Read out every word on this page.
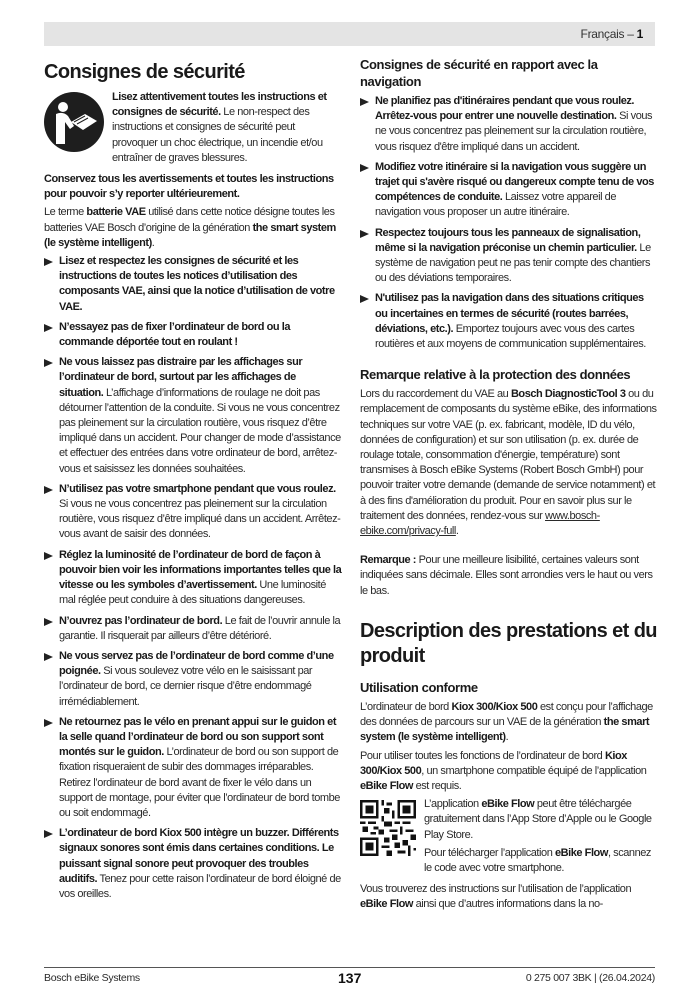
Français – 1
Consignes de sécurité

Lisez attentivement toutes les instructions et consignes de sécurité. Le non-respect des instructions et consignes de sécurité peut provoquer un choc électrique, un incendie et/ou entraîner de graves blessures.

Conservez tous les avertissements et toutes les instructions pour pouvoir s’y reporter ultérieurement.

Le terme batterie VAE utilisé dans cette notice désigne toutes les batteries VAE Bosch d’origine de la génération the smart system (le système intelligent).

Lisez et respectez les consignes de sécurité et les instructions de toutes les notices d’utilisation des composants VAE, ainsi que la notice d’utilisation de votre VAE.

N’essayez pas de fixer l’ordinateur de bord ou la commande déportée tout en roulant !

Ne vous laissez pas distraire par les affichages sur l’ordinateur de bord, surtout par les affichages de situation. L’affichage d’informations de roulage ne doit pas détourner l’attention de la conduite. Si vous ne vous concentrez pas pleinement sur la circulation routière, vous risquez d’être impliqué dans un accident. Pour changer de mode d’assistance et effectuer des entrées dans votre ordinateur de bord, arrêtez-vous et saisissez les données souhaitées.

N’utilisez pas votre smartphone pendant que vous roulez. Si vous ne vous concentrez pas pleinement sur la circulation routière, vous risquez d’être impliqué dans un accident. Arrêtez-vous avant de saisir des données.

Réglez la luminosité de l’ordinateur de bord de façon à pouvoir bien voir les informations importantes telles que la vitesse ou les symboles d’avertissement. Une luminosité mal réglée peut conduire à des situations dangereuses.

N’ouvrez pas l’ordinateur de bord. Le fait de l’ouvrir annule la garantie. Il risquerait par ailleurs d’être détérioré.

Ne vous servez pas de l’ordinateur de bord comme d’une poignée. Si vous soulevez votre vélo en le saisissant par l’ordinateur de bord, ce dernier risque d’être endommagé irrémédiablement.

Ne retournez pas le vélo en prenant appui sur le guidon et la selle quand l’ordinateur de bord ou son support sont montés sur le guidon. L’ordinateur de bord ou son support de fixation risqueraient de subir des dommages irréparables. Retirez l’ordinateur de bord avant de fixer le vélo dans un support de montage, pour éviter que l’ordinateur de bord tombe ou soit endommagé.

L’ordinateur de bord Kiox 500 intègre un buzzer. Différents signaux sonores sont émis dans certaines conditions. Le puissant signal sonore peut provoquer des troubles auditifs. Tenez pour cette raison l’ordinateur de bord éloigné de vos oreilles.

Consignes de sécurité en rapport avec la navigation

Ne planifiez pas d'itinéraires pendant que vous roulez. Arrêtez-vous pour entrer une nouvelle destination. Si vous ne vous concentrez pas pleinement sur la circulation routière, vous risquez d'être impliqué dans un accident.

Modifiez votre itinéraire si la navigation vous suggère un trajet qui s'avère risqué ou dangereux compte tenu de vos compétences de conduite. Laissez votre appareil de navigation vous proposer un autre itinéraire.

Respectez toujours tous les panneaux de signalisation, même si la navigation préconise un chemin particulier. Le système de navigation peut ne pas tenir compte des chantiers ou des déviations temporaires.

N'utilisez pas la navigation dans des situations critiques ou incertaines en termes de sécurité (routes barrées, déviations, etc.). Emportez toujours avec vous des cartes routières et aux moyens de communication supplémentaires.

Remarque relative à la protection des données

Lors du raccordement du VAE au Bosch DiagnosticTool 3 ou du remplacement de composants du système eBike, des informations techniques sur votre VAE (p. ex. fabricant, modèle, ID du vélo, données de configuration) et sur son utilisation (p. ex. durée de roulage totale, consommation d'énergie, température) sont transmises à Bosch eBike Systems (Robert Bosch GmbH) pour pouvoir traiter votre demande (demande de service notamment) et à des fins d'amélioration du produit. Pour en savoir plus sur le traitement des données, rendez-vous sur www.bosch-ebike.com/privacy-full.

Remarque : Pour une meilleure lisibilité, certaines valeurs sont indiquées sans décimale. Elles sont arrondies vers le haut ou vers le bas.

Description des prestations et du produit
Utilisation conforme

L’ordinateur de bord Kiox 300/Kiox 500 est conçu pour l’affichage des données de parcours sur un VAE de la génération the smart system (le système intelligent).

Pour utiliser toutes les fonctions de l’ordinateur de bord Kiox 300/Kiox 500, un smartphone compatible équipé de l’application eBike Flow est requis.

L’application eBike Flow peut être téléchargée gratuitement dans l’App Store d’Apple ou le Google Play Store.

Pour télécharger l’application eBike Flow, scannez le code avec votre smartphone.

Vous trouverez des instructions sur l’utilisation de l’application eBike Flow ainsi que d’autres informations dans la no-

Bosch eBike Systems	137	0 275 007 3BK | (26.04.2024)
